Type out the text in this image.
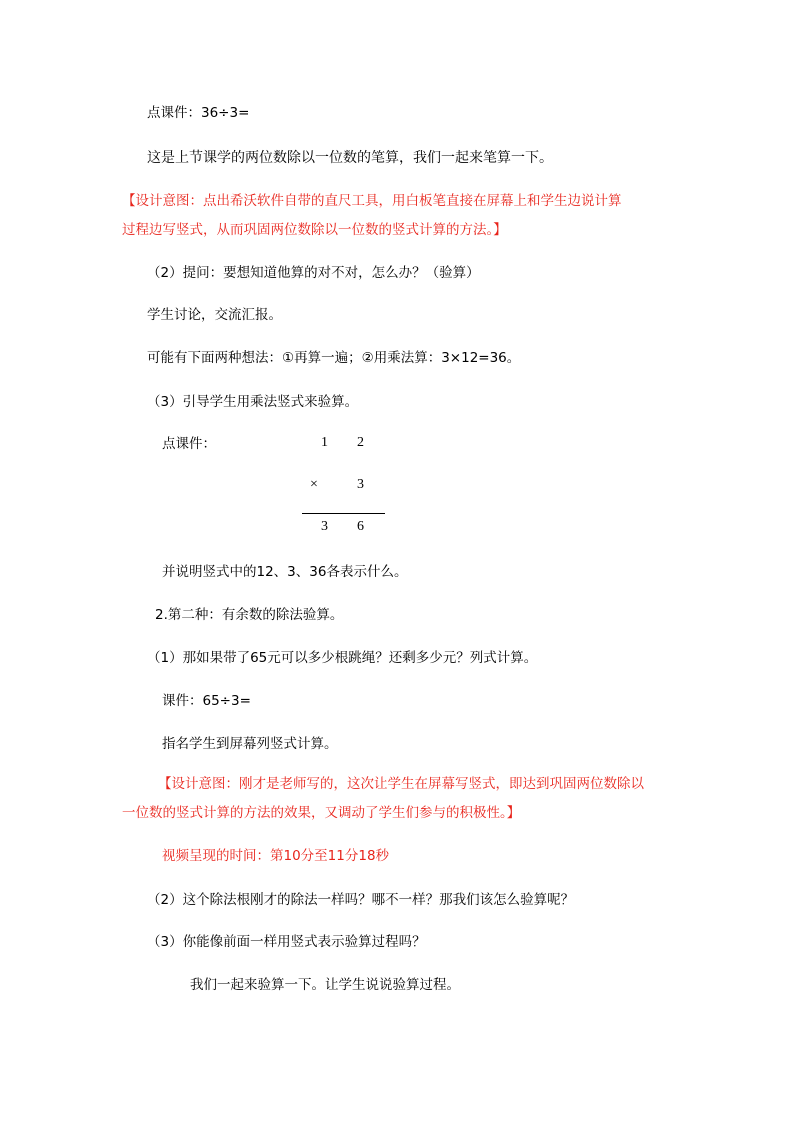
点课件：36÷3=
这是上节课学的两位数除以一位数的笔算，我们一起来笔算一下。
【设计意图：点出希沃软件自带的直尺工具，用白板笔直接在屏幕上和学生边说计算
过程边写竖式，从而巩固两位数除以一位数的竖式计算的方法。】
（2）提问：要想知道他算的对不对，怎么办？（验算）
学生讨论，交流汇报。
可能有下面两种想法：①再算一遍；②用乘法算：3×12=36。
（3）引导学生用乘法竖式来验算。
点课件：	1 2
×	3
3 6
并说明竖式中的12、3、36各表示什么。
2.第二种：有余数的除法验算。
（1）那如果带了65元可以多少根跳绳？还剩多少元？列式计算。
课件：65÷3=
指名学生到屏幕列竖式计算。
【设计意图：刚才是老师写的，这次让学生在屏幕写竖式，即达到巩固两位数除以
一位数的竖式计算的方法的效果，又调动了学生们参与的积极性。】
视频呈现的时间：第10分至11分18秒
（2）这个除法根刚才的除法一样吗？哪不一样？那我们该怎么验算呢？
（3）你能像前面一样用竖式表示验算过程吗？
我们一起来验算一下。让学生说说验算过程。
